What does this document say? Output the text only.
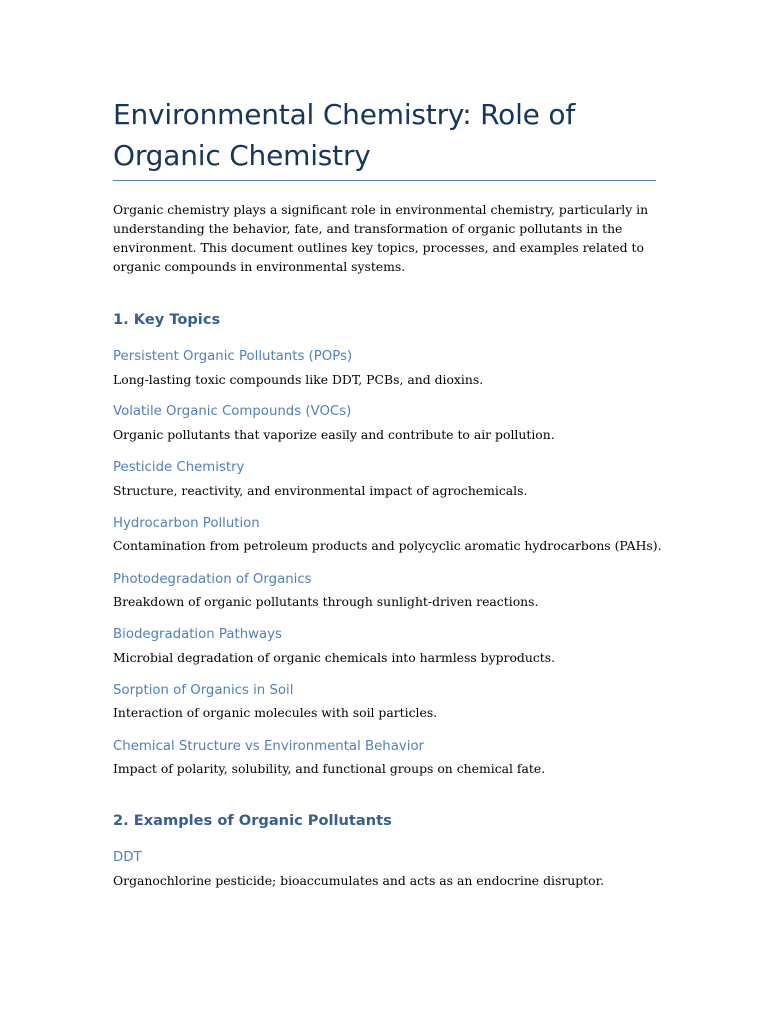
Environmental Chemistry: Role of Organic Chemistry

Organic chemistry plays a significant role in environmental chemistry, particularly in understanding the behavior, fate, and transformation of organic pollutants in the environment. This document outlines key topics, processes, and examples related to organic compounds in environmental systems.

1. Key Topics
Persistent Organic Pollutants (POPs)

Long-lasting toxic compounds like DDT, PCBs, and dioxins.

Volatile Organic Compounds (VOCs)

Organic pollutants that vaporize easily and contribute to air pollution.

Pesticide Chemistry

Structure, reactivity, and environmental impact of agrochemicals.

Hydrocarbon Pollution

Contamination from petroleum products and polycyclic aromatic hydrocarbons (PAHs).

Photodegradation of Organics

Breakdown of organic pollutants through sunlight-driven reactions.

Biodegradation Pathways

Microbial degradation of organic chemicals into harmless byproducts.

Sorption of Organics in Soil

Interaction of organic molecules with soil particles.

Chemical Structure vs Environmental Behavior

Impact of polarity, solubility, and functional groups on chemical fate.

2. Examples of Organic Pollutants
DDT

Organochlorine pesticide; bioaccumulates and acts as an endocrine disruptor.
